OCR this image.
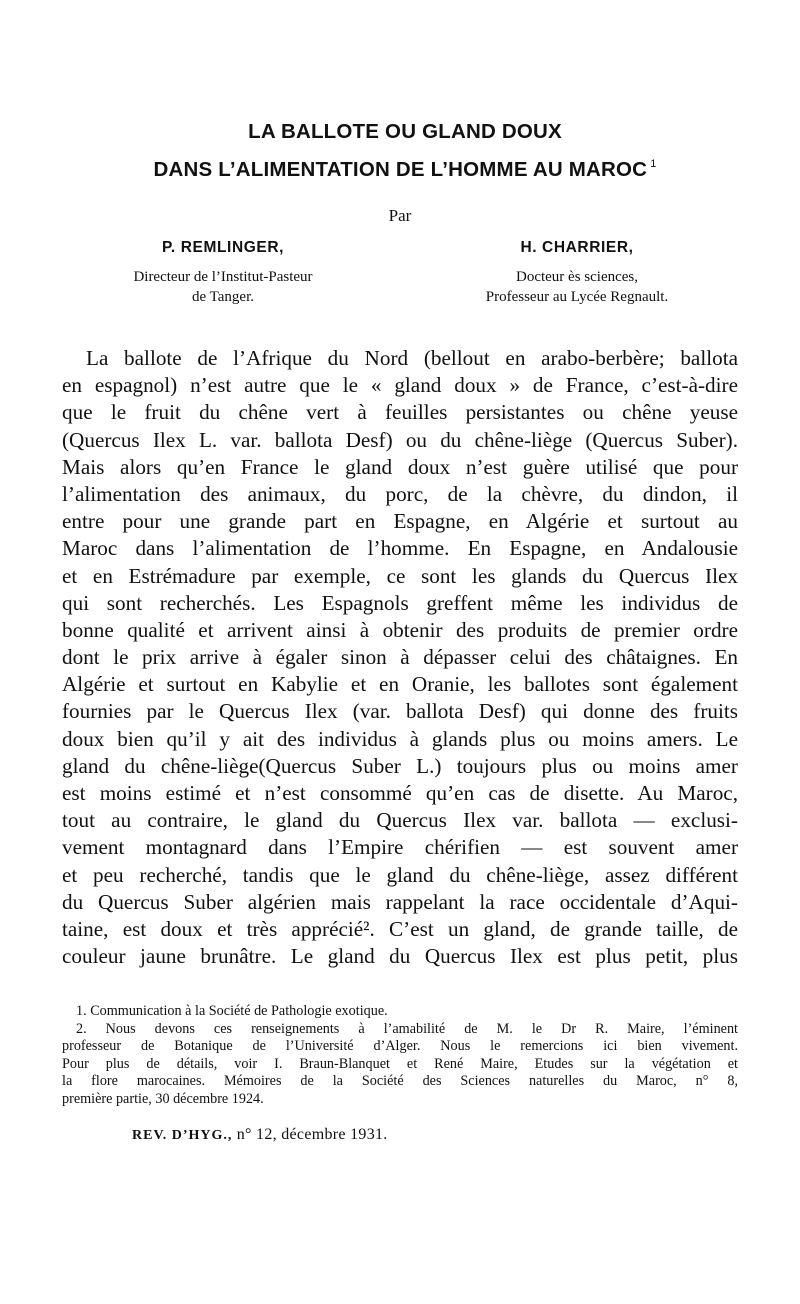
LA BALLOTE OU GLAND DOUX
DANS L’ALIMENTATION DE L’HOMME AU MAROC $^1$
Par
P. REMLINGER,
Directeur de l’Institut-Pasteur
de Tanger.
H. CHARRIER,
Docteur ès sciences,
Professeur au Lycée Regnault.
La ballote de l’Afrique du Nord (bellout en arabo-berbère; ballota
en espagnol) n’est autre que le « gland doux » de France, c’est-à-dire
que le fruit du chêne vert à feuilles persistantes ou chêne yeuse
(Quercus Ilex L. var. ballota Desf) ou du chêne-liège (Quercus Suber).
Mais alors qu’en France le gland doux n’est guère utilisé que pour
l’alimentation des animaux, du porc, de la chèvre, du dindon, il
entre pour une grande part en Espagne, en Algérie et surtout au
Maroc dans l’alimentation de l’homme. En Espagne, en Andalousie
et en Estrémadure par exemple, ce sont les glands du Quercus Ilex
qui sont recherchés. Les Espagnols greffent même les individus de
bonne qualité et arrivent ainsi à obtenir des produits de premier ordre
dont le prix arrive à égaler sinon à dépasser celui des châtaignes. En
Algérie et surtout en Kabylie et en Oranie, les ballotes sont également
fournies par le Quercus Ilex (var. ballota Desf) qui donne des fruits
doux bien qu’il y ait des individus à glands plus ou moins amers. Le
gland du chêne-liège(Quercus Suber L.) toujours plus ou moins amer
est moins estimé et n’est consommé qu’en cas de disette. Au Maroc,
tout au contraire, le gland du Quercus Ilex var. ballota — exclusi-
vement montagnard dans l’Empire chérifien — est souvent amer
et peu recherché, tandis que le gland du chêne-liège, assez différent
du Quercus Suber algérien mais rappelant la race occidentale d’Aqui-
taine, est doux et très apprécié². C’est un gland, de grande taille, de
couleur jaune brunâtre. Le gland du Quercus Ilex est plus petit, plus
1. Communication à la Société de Pathologie exotique.
2. Nous devons ces renseignements à l’amabilité de M. le Dr R. Maire, l’éminent
professeur de Botanique de l’Université d’Alger. Nous le remercions ici bien vivement.
Pour plus de détails, voir I. Braun-Blanquet et René Maire, Etudes sur la végétation et
la flore marocaines. Mémoires de la Société des Sciences naturelles du Maroc, n° 8,
première partie, 30 décembre 1924.
REV. D’HYG., n° 12, décembre 1931.
